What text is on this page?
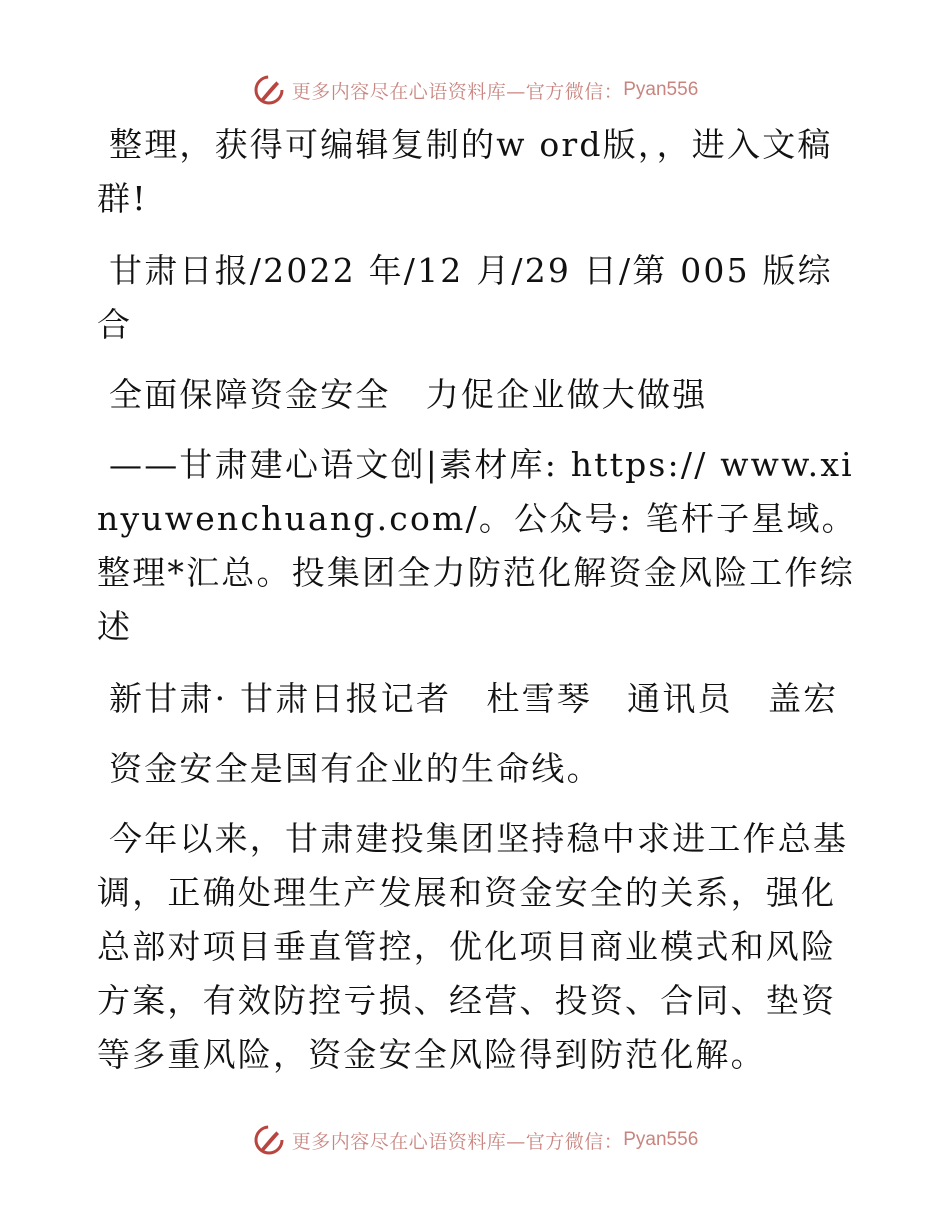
更多内容尽在心语资料库— 官方微信： Pyan556

整理，获得可编辑复制的w ord版，，进入文稿群!

甘肃日报/2022 年/12 月/29 日/第 005 版综合

全面保障资金安全　力促企业做大做强

——甘肃建心语文创|素材库: https:// www.xinyuwenchuang.com/。公众号: 笔杆子星域。整理*汇总。投集团全力防范化解资金风险工作综述

新甘肃· 甘肃日报记者　杜雪琴　通讯员　盖宏

资金安全是国有企业的生命线。

今年以来，甘肃建投集团坚持稳中求进工作总基调，正确处理生产发展和资金安全的关系，强化总部对项目垂直管控，优化项目商业模式和风险方案，有效防控亏损、经营、投资、合同、垫资等多重风险，资金安全风险得到防范化解。

更多内容尽在心语资料库— 官方微信： Pyan556
